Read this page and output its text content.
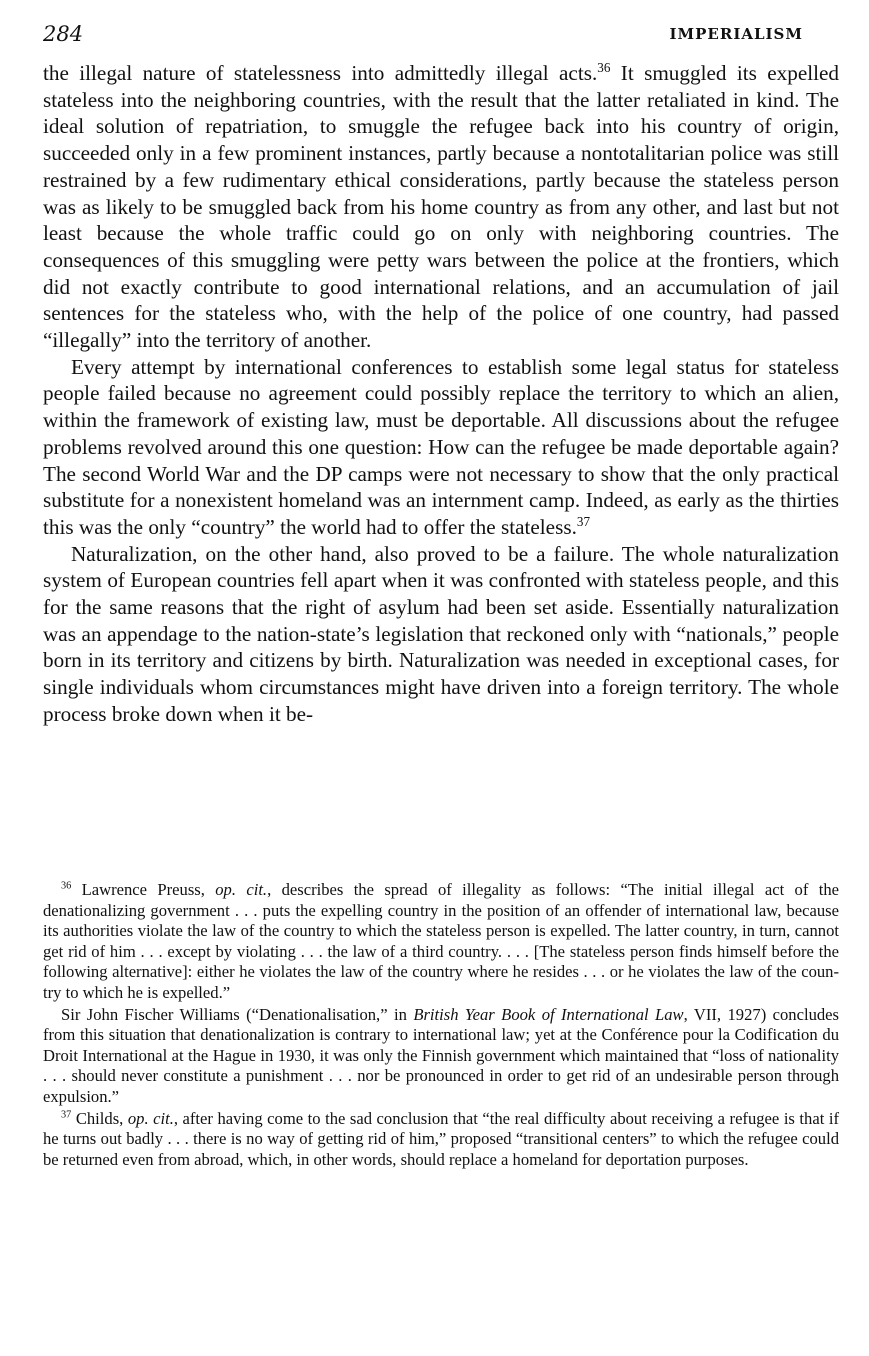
284	IMPERIALISM

the illegal nature of statelessness into admittedly illegal acts.$^{36}$ It smuggled its expelled stateless into the neighboring countries, with the result that the latter retaliated in kind. The ideal solution of repatriation, to smuggle the refugee back into his country of origin, succeeded only in a few prominent instances, partly because a nontotalitarian police was still restrained by a few rudimentary ethical considerations, partly because the stateless person was as likely to be smuggled back from his home country as from any other, and last but not least because the whole traffic could go on only with neighboring countries. The consequences of this smuggling were petty wars between the police at the frontiers, which did not exactly contribute to good international relations, and an accumulation of jail sentences for the stateless who, with the help of the police of one country, had passed “illegally” into the territory of another.

Every attempt by international conferences to establish some legal status for stateless people failed because no agreement could possibly replace the territory to which an alien, within the framework of existing law, must be deportable. All discussions about the refugee problems revolved around this one question: How can the refugee be made deportable again? The second World War and the DP camps were not necessary to show that the only practical substitute for a nonexistent homeland was an internment camp. Indeed, as early as the thirties this was the only “country” the world had to offer the stateless.$^{37}$

Naturalization, on the other hand, also proved to be a failure. The whole naturalization system of European countries fell apart when it was confronted with stateless people, and this for the same reasons that the right of asylum had been set aside. Essentially naturalization was an appendage to the nation-state’s legislation that reckoned only with “nationals,” people born in its territory and citizens by birth. Naturalization was needed in exceptional cases, for single individuals whom circumstances might have driven into a foreign territory. The whole process broke down when it be-

$^{36}$ Lawrence Preuss, op. cit., describes the spread of illegality as follows: “The initial illegal act of the denationalizing government . . . puts the expelling country in the position of an offender of international law, because its authorities violate the law of the country to which the stateless person is expelled. The latter country, in turn, cannot get rid of him . . . except by violating . . . the law of a third country. . . . [The stateless person finds himself before the following alternative]: either he violates the law of the country where he resides . . . or he violates the law of the country to which he is expelled.”

Sir John Fischer Williams (“Denationalisation,” in British Year Book of International Law, VII, 1927) concludes from this situation that denationalization is contrary to international law; yet at the Conférence pour la Codification du Droit International at the Hague in 1930, it was only the Finnish government which maintained that “loss of nationality . . . should never constitute a punishment . . . nor be pronounced in order to get rid of an undesirable person through expulsion.”

$^{37}$ Childs, op. cit., after having come to the sad conclusion that “the real difficulty about receiving a refugee is that if he turns out badly . . . there is no way of getting rid of him,” proposed “transitional centers” to which the refugee could be returned even from abroad, which, in other words, should replace a homeland for deportation purposes.
